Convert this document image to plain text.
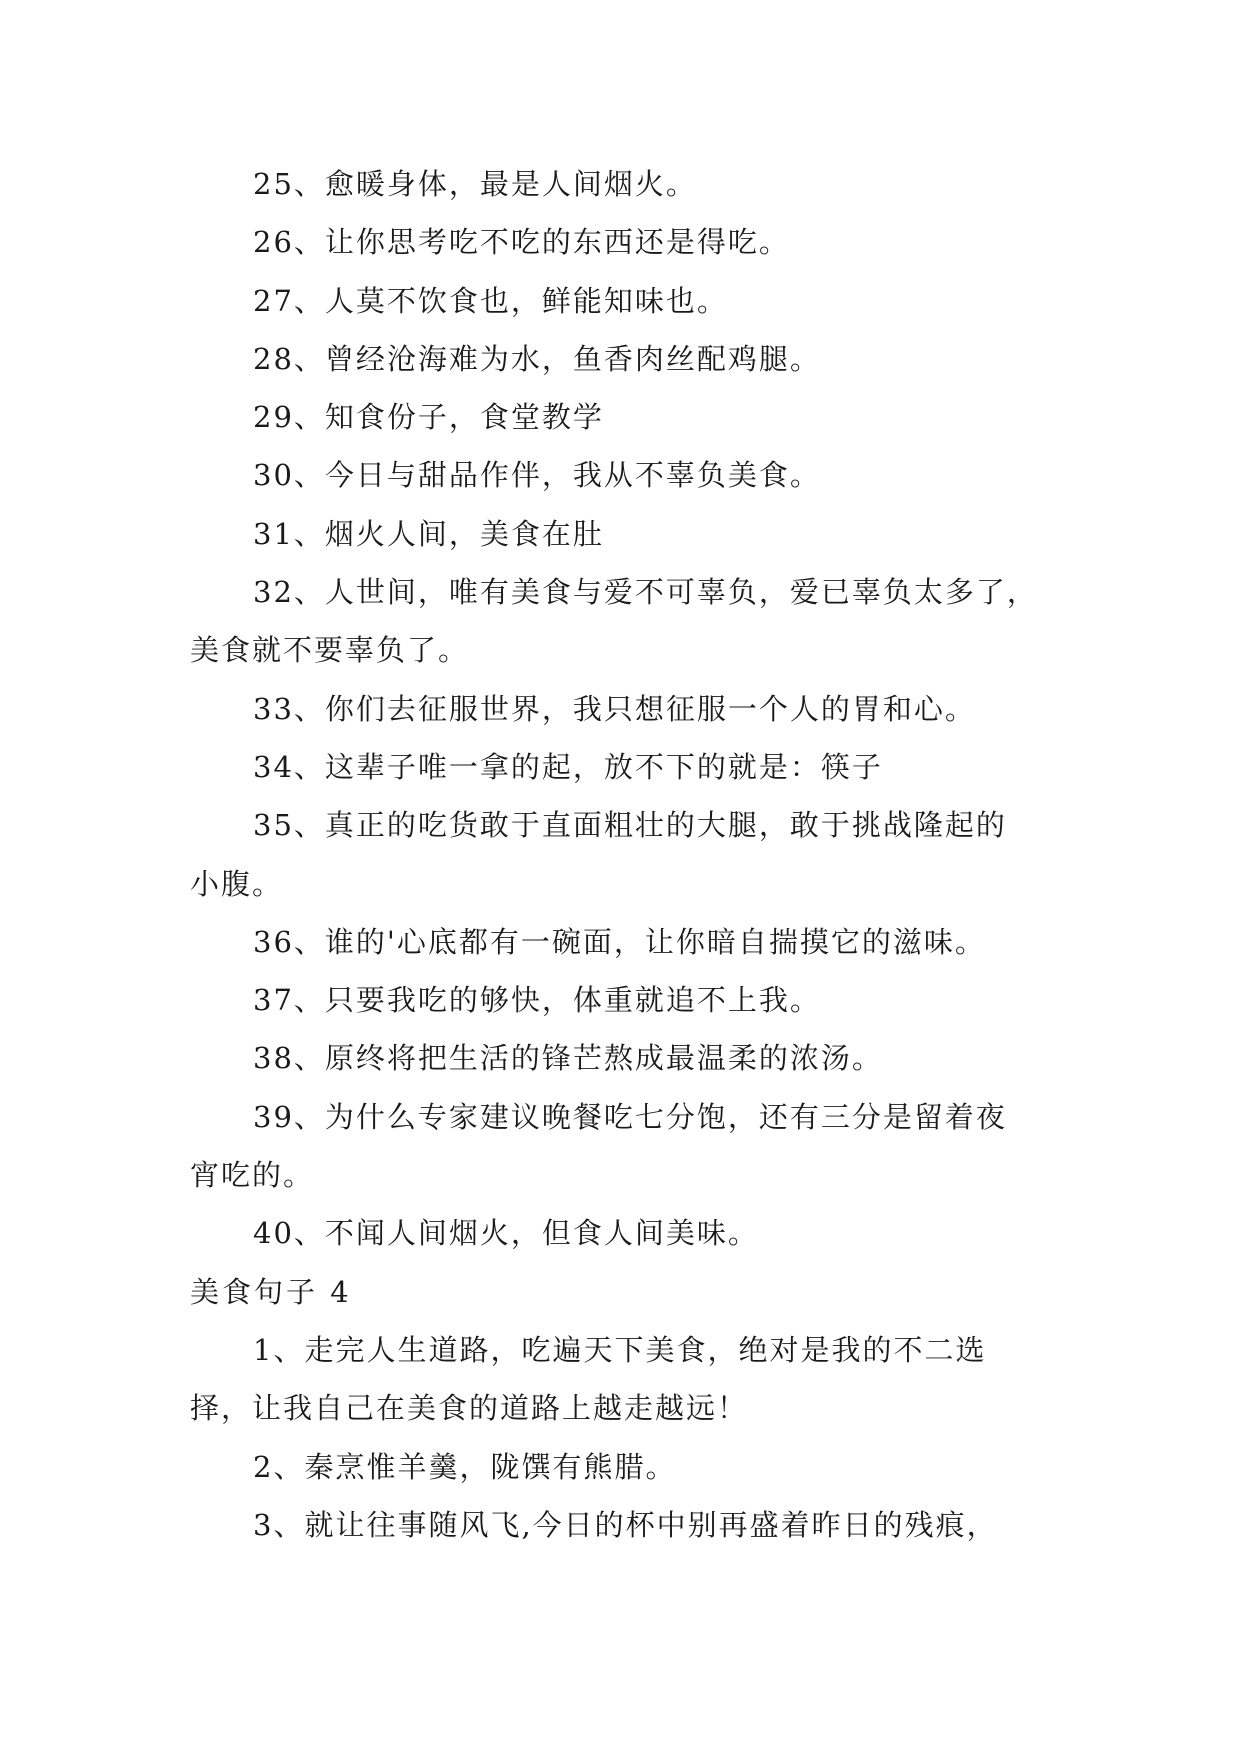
25、愈暖身体，最是人间烟火。
26、让你思考吃不吃的东西还是得吃。
27、人莫不饮食也，鲜能知味也。
28、曾经沧海难为水，鱼香肉丝配鸡腿。
29、知食份子，食堂教学
30、今日与甜品作伴，我从不辜负美食。
31、烟火人间，美食在肚
32、人世间，唯有美食与爱不可辜负，爱已辜负太多了，
美食就不要辜负了。
33、你们去征服世界，我只想征服一个人的胃和心。
34、这辈子唯一拿的起，放不下的就是：筷子
35、真正的吃货敢于直面粗壮的大腿，敢于挑战隆起的
小腹。
36、谁的'心底都有一碗面，让你暗自揣摸它的滋味。
37、只要我吃的够快，体重就追不上我。
38、原终将把生活的锋芒熬成最温柔的浓汤。
39、为什么专家建议晚餐吃七分饱，还有三分是留着夜
宵吃的。
40、不闻人间烟火，但食人间美味。
美食句子 4
1、走完人生道路，吃遍天下美食，绝对是我的不二选
择，让我自己在美食的道路上越走越远！
2、秦烹惟羊羹，陇馔有熊腊。
3、就让往事随风飞,今日的杯中别再盛着昨日的残痕，
